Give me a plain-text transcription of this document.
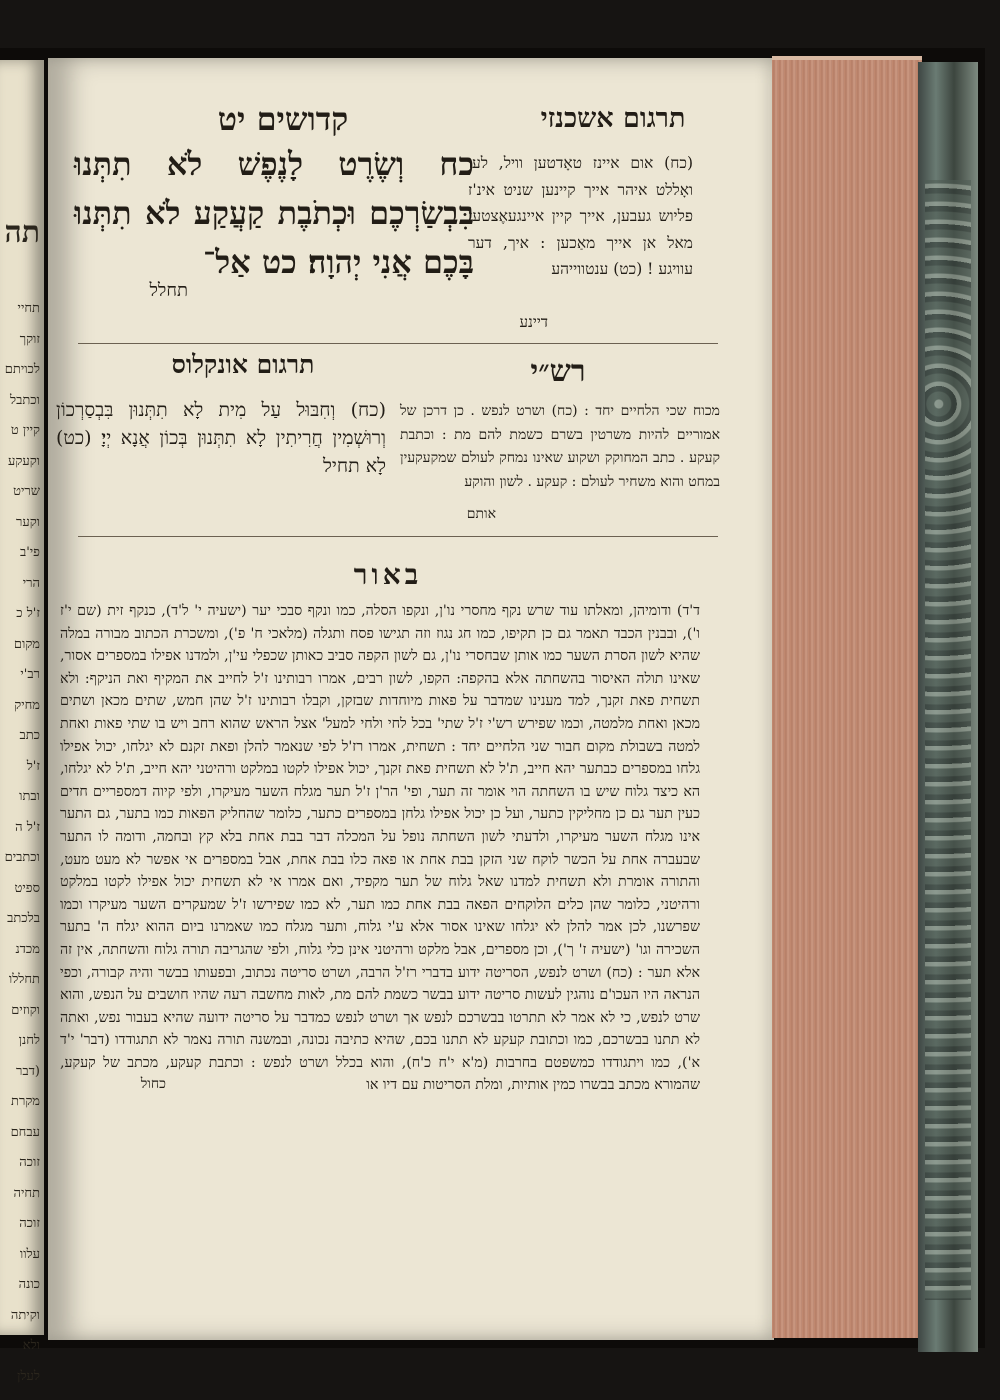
תה
תחיי
זוקך
לכויתם
וכתבל
קיין ט
וקעקע
שריט
וקער
פי'ב
הרי
ז'ל כ
מקום
רב'י
מחיק
כתב
ז'ל
ובתו
ז'ל ה
וכתבים
ספיט
בלכתב
מכדנ
תחללו
וקוזים
לחנן
(דבר
מקרת
עבחם
זוכה
תחיה
זוכה
עלוו
כונה
וקיתה
ולא
לעלן
תרגום אשכנזי
קדושים יט
כח וְשֶׂרֶט לָנֶפֶשׁ לֹא תִתְּנוּ בִּבְשַׂרְכֶם וּכְתֹבֶת קַעֲקַע לֹא תִתְּנוּ בָּכֶם אֲנִי יְהוָה׃ כט אַל־
תחלל
(כח) אום איינז טאָדטען וויל, לעו ואָללט איהר אייך קיינען שניט אינ'ז פליוש געבען, אייך קיין איינגעאֶצטעז מאל אן אייך מאַכען : איך, דער עוויגע ! (כט) ענטווייהע
דיינע
תרגום אונקלוס
(כח) וְחִבּוּל עַל מִית לָא תִתְּנוּן בִּבְסַרְכוֹן וְרוּשְׁמִין חֲרִיתִין לָא תִתְּנוּן בְּכוֹן אֲנָא יְיָ׃ (כט) לָא תחיל
רש״י
מכוח שכי הלחיים יחד : (כח) ושרט לנפש . כן דרכן של אמוריים להיות משרטין בשרם כשמת להם מת : וכתבת קעקע . כתב המחוקק ושקוע שאינו נמחק לעולם שמקעקעין במחט והוא משחיר לעולם : קעקע . לשון והוקע
אותם
באור
ד'ד) ודומיהן, ומאלתו עוד שרש נקף מחסרי נו'ן, ונקפו הסלה, כמו ונקף סבכי יער (ישעיה י' ל'ד), כנקף זית (שם י'ז ו'), ובבנין הכבד תאמר גם כן תקיפו, כמו חג נגוז וזה תגישו פסח ותגלה (מלאכי ח' פ'), ומשכרת הכתוב מבורה במלה שהיא לשון הסרת השער כמו אותן שבחסרי נו'ן, גם לשון הקפה סביב כאותן שכפלי עי'ן, ולמדנו אפילו במספרים אסור, שאינו תולה האיסור בהשחתה אלא בהקפה: הקפו, לשון רבים, אמרו רבותינו ז'ל לחייב את המקיף ואת הניקף: ולא תשחית פאת זקנך, למד מענינו שמדבר על פאות מיוחדות שבזקן, וקבלו רבותינו ז'ל שהן חמש, שתים מכאן ושתים מכאן ואחת מלמטה, וכמו שפירש רש'י ז'ל שתי' בכל לחי ולחי למעל' אצל הראש שהוא רחב ויש בו שתי פאות ואחת למטה בשבולת מקום חבור שני הלחיים יחד : תשחית, אמרו רז'ל לפי שנאמר להלן ופאת זקנם לא יגלחו, יכול אפילו גלחו במספרים כבתער יהא חייב, ת'ל לא תשחית פאת זקנך, יכול אפילו לקטו במלקט ורהיטני יהא חייב, ת'ל לא יגלחו, הא כיצד גלוח שיש בו השחתה הוי אומר זה תער, ופי' הר'ן ז'ל תער מגלח השער מעיקרו, ולפי קיוה דמספריים חדים כעין תער גם כן מחליקין כתער, ועל כן יכול אפילו גלחן במספרים כתער, כלומר שהחליק הפאות כמו בתער, גם התער אינו מגלח השער מעיקרו, ולדעתי לשון השחתה נופל על המכלה דבר בבת אחת בלא קץ ובחמה, ודומה לו התער שבעברה אחת על הכשר לוקח שני הזקן בבת אחת או פאה כלו בבת אחת, אבל במספרים אי אפשר לא מעט מעט, והתורה אומרת ולא תשחית למדנו שאל גלוח של תער מקפיד, ואם אמרו אי לא תשחית יכול אפילו לקטו במלקט ורהיטני, כלומר שהן כלים הלוקחים הפאה בבת אחת כמו תער, לא כמו שפירשו ז'ל שמעקרים השער מעיקרו וכמו שפרשנו, לכן אמר להלן לא יגלחו שאינו אסור אלא ע'י גלוח, ותער מגלח כמו שאמרנו ביום ההוא יגלח ה' בתער השכירה וגו' (ישעיה ז' ך'), וכן מספרים, אבל מלקט ורהיטני אינן כלי גלוח, ולפי שהגריבה תורה גלוח והשחתה, אין זה אלא תער : (כח) ושרט לנפש, הסריטה ידוע בדברי רז'ל הרבה, ושרט סריטה נכתוב, ובפעותו בבשר והיה קבורה, וכפי הנראה היו העכו'ם נוהגין לעשות סריטה ידוע בבשר כשמת להם מת, לאות מחשבה רעה שהיו חושבים על הנפש, והוא שרט לנפש, כי לא אמר לא תתרטו בבשרכם לנפש אך ושרט לנפש כמדבר על סריטה ידועה שהיא בעבור נפש, ואתה לא תתנו בבשרכם, כמו וכתובת קעקע לא תתנו בכם, שהיא כתיבה נכונה, ובמשנה תורה נאמר לא תתגודדו (דבר' י'ד א'), כמו ויתגודדו כמשפטם בחרבות (מ'א י'ח כ'ח), והוא בכלל ושרט לנפש : וכתבת קעקע, מכתב של קעקע, שהמורא מכתב בבשרו כמין אותיות, ומלת הסריטות עם דיו או
כחול
